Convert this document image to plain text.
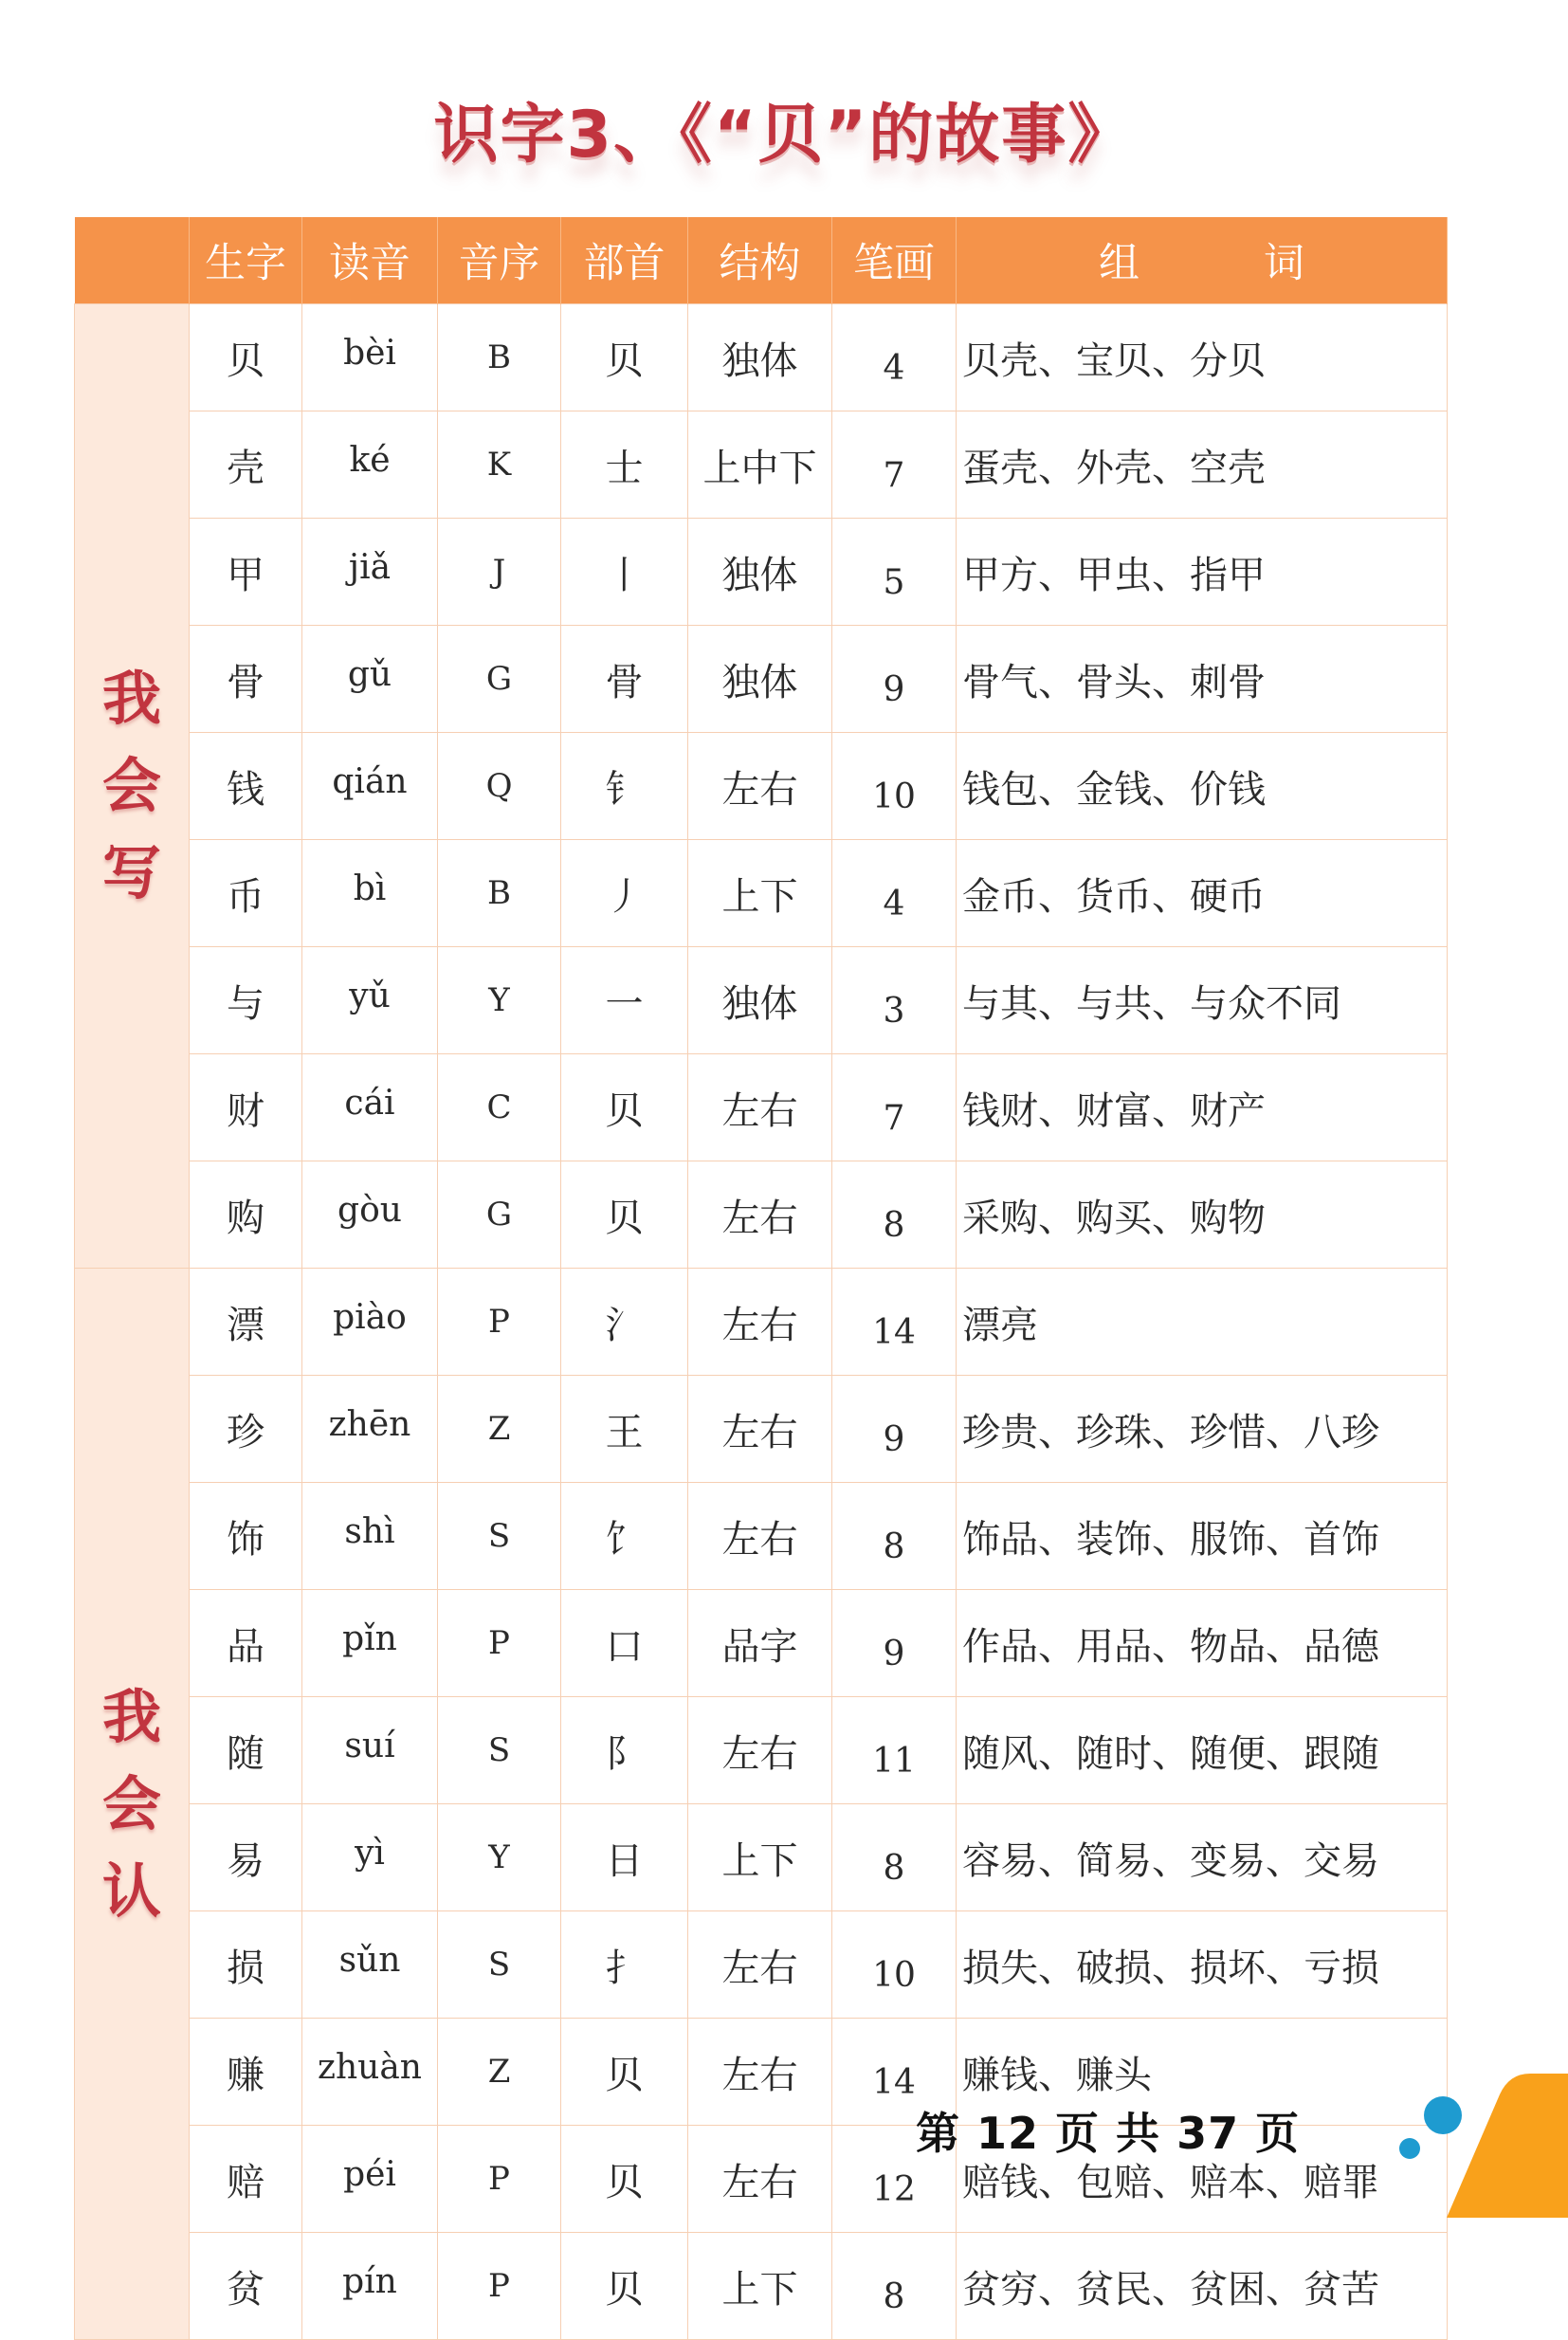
识字3、《“贝”的故事》
	生字	读音	音序	部首	结构	笔画	组　词

我
会
写	贝	bèi	B	贝	独体	4	贝壳、宝贝、分贝
	壳	ké	K	士	上中下	7	蛋壳、外壳、空壳
	甲	jiǎ	J	丨	独体	5	甲方、甲虫、指甲
	骨	gǔ	G	骨	独体	9	骨气、骨头、刺骨
	钱	qián	Q	钅	左右	10	钱包、金钱、价钱
	币	bì	B	丿	上下	4	金币、货币、硬币
	与	yǔ	Y	一	独体	3	与其、与共、与众不同
	财	cái	C	贝	左右	7	钱财、财富、财产
	购	gòu	G	贝	左右	8	采购、购买、购物

我
会
认	漂	piào	P	氵	左右	14	漂亮
	珍	zhēn	Z	王	左右	9	珍贵、珍珠、珍惜、八珍
	饰	shì	S	饣	左右	8	饰品、装饰、服饰、首饰
	品	pǐn	P	口	品字	9	作品、用品、物品、品德
	随	suí	S	阝	左右	11	随风、随时、随便、跟随
	易	yì	Y	日	上下	8	容易、简易、变易、交易
	损	sǔn	S	扌	左右	10	损失、破损、损坏、亏损
	赚	zhuàn	Z	贝	左右	14	赚钱、赚头
	赔	péi	P	贝	左右	12	赔钱、包赔、赔本、赔罪
	贫	pín	P	贝	上下	8	贫穷、贫民、贫困、贫苦
第 12 页 共 37 页
